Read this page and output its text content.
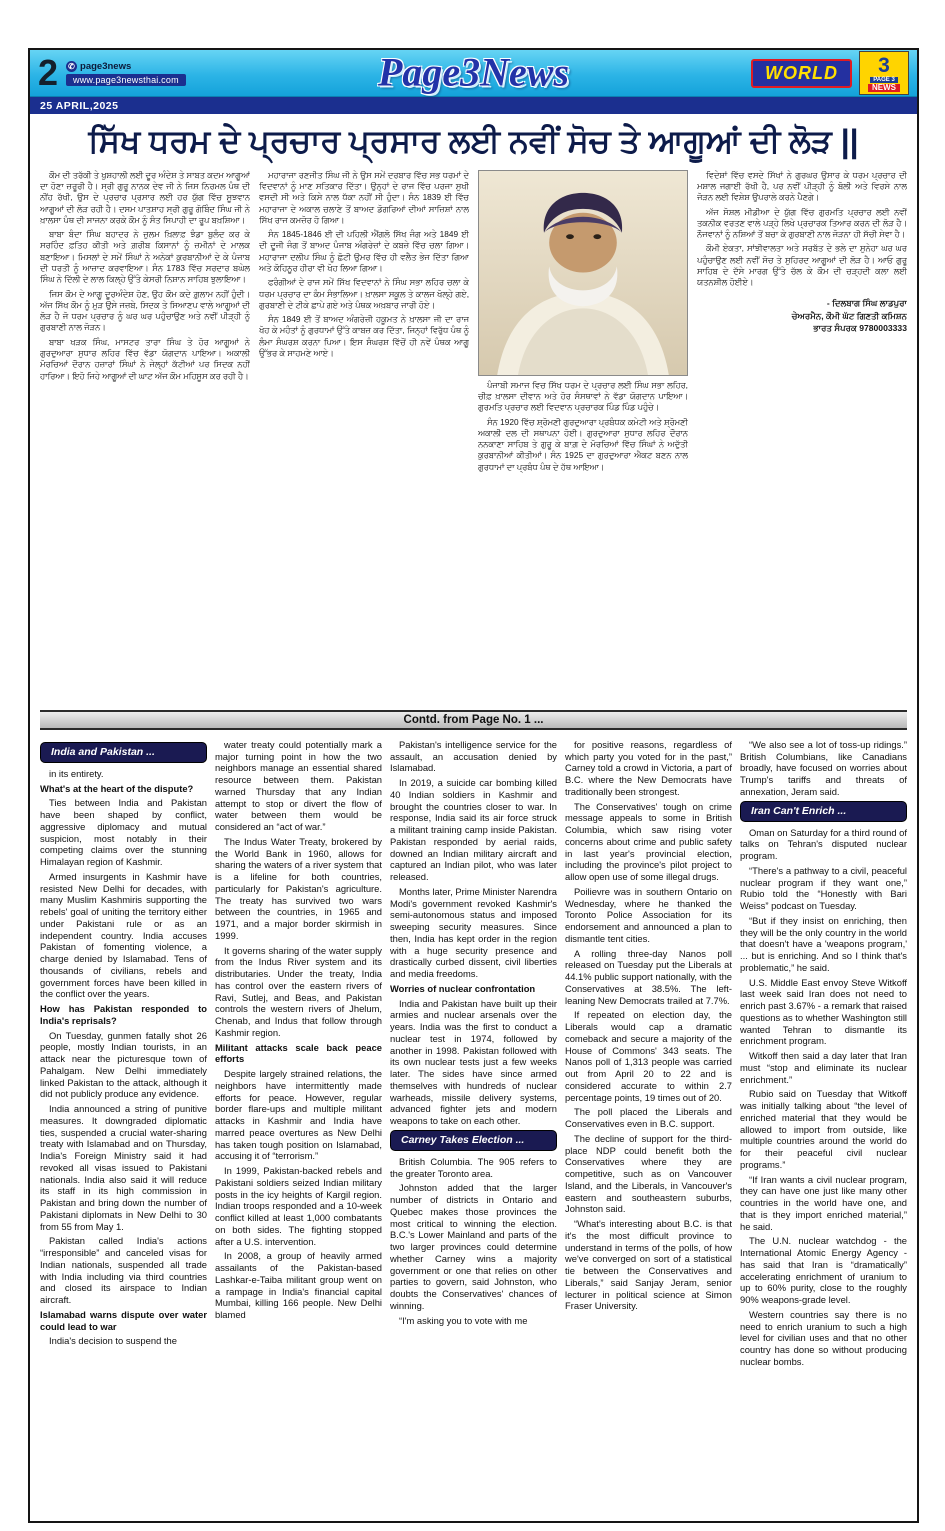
2 ✆ page3news
www.page3newsthai.com	Page3News	WORLD	3
PAGE 3
NEWS
25 APRIL,2025
ਸਿੱਖ ਧਰਮ ਦੇ ਪ੍ਰਚਾਰ ਪ੍ਰਸਾਰ ਲਈ ਨਵੀਂ ਸੋਚ ਤੇ ਆਗੂਆਂ ਦੀ ਲੋੜ ||

ਕੌਮ ਦੀ ਤਰੱਕੀ ਤੇ ਖੁਸ਼ਹਾਲੀ ਲਈ ਦੂਰ ਅੰਦੇਸ਼ ਤੇ ਸਾਬਤ ਕਦਮ ਆਗੂਆਂ ਦਾ ਹੋਣਾ ਜ਼ਰੂਰੀ ਹੈ। ਸ੍ਰੀ ਗੁਰੂ ਨਾਨਕ ਦੇਵ ਜੀ ਨੇ ਜਿਸ ਨਿਰਮਲ ਪੰਥ ਦੀ ਨੀਂਹ ਰੱਖੀ, ਉਸ ਦੇ ਪ੍ਰਚਾਰ ਪ੍ਰਸਾਰ ਲਈ ਹਰ ਯੁੱਗ ਵਿੱਚ ਸੂਝਵਾਨ ਆਗੂਆਂ ਦੀ ਲੋੜ ਰਹੀ ਹੈ। ਦਸਮ ਪਾਤਸ਼ਾਹ ਸ੍ਰੀ ਗੁਰੂ ਗੋਬਿੰਦ ਸਿੰਘ ਜੀ ਨੇ ਖ਼ਾਲਸਾ ਪੰਥ ਦੀ ਸਾਜਨਾ ਕਰਕੇ ਕੌਮ ਨੂੰ ਸੰਤ ਸਿਪਾਹੀ ਦਾ ਰੂਪ ਬਖ਼ਸ਼ਿਆ।

ਬਾਬਾ ਬੰਦਾ ਸਿੰਘ ਬਹਾਦਰ ਨੇ ਜ਼ੁਲਮ ਖ਼ਿਲਾਫ਼ ਝੰਡਾ ਬੁਲੰਦ ਕਰ ਕੇ ਸਰਹਿੰਦ ਫ਼ਤਿਹ ਕੀਤੀ ਅਤੇ ਗ਼ਰੀਬ ਕਿਸਾਨਾਂ ਨੂੰ ਜ਼ਮੀਨਾਂ ਦੇ ਮਾਲਕ ਬਣਾਇਆ। ਮਿਸਲਾਂ ਦੇ ਸਮੇਂ ਸਿੰਘਾਂ ਨੇ ਅਨੇਕਾਂ ਕੁਰਬਾਨੀਆਂ ਦੇ ਕੇ ਪੰਜਾਬ ਦੀ ਧਰਤੀ ਨੂੰ ਆਜ਼ਾਦ ਕਰਵਾਇਆ। ਸੰਨ 1783 ਵਿੱਚ ਸਰਦਾਰ ਬਘੇਲ ਸਿੰਘ ਨੇ ਦਿੱਲੀ ਦੇ ਲਾਲ ਕਿਲ੍ਹੇ ਉੱਤੇ ਕੇਸਰੀ ਨਿਸ਼ਾਨ ਸਾਹਿਬ ਝੁਲਾਇਆ।

ਜਿਸ ਕੌਮ ਦੇ ਆਗੂ ਦੂਰਅੰਦੇਸ਼ ਹੋਣ, ਉਹ ਕੌਮ ਕਦੇ ਗ਼ੁਲਾਮ ਨਹੀਂ ਹੁੰਦੀ। ਅੱਜ ਸਿੱਖ ਕੌਮ ਨੂੰ ਮੁੜ ਉਸੇ ਜਜ਼ਬੇ, ਸਿਦਕ ਤੇ ਸਿਆਣਪ ਵਾਲੇ ਆਗੂਆਂ ਦੀ ਲੋੜ ਹੈ ਜੋ ਧਰਮ ਪ੍ਰਚਾਰ ਨੂੰ ਘਰ ਘਰ ਪਹੁੰਚਾਉਣ ਅਤੇ ਨਵੀਂ ਪੀੜ੍ਹੀ ਨੂੰ ਗੁਰਬਾਣੀ ਨਾਲ ਜੋੜਨ।

ਬਾਬਾ ਖੜਕ ਸਿੰਘ, ਮਾਸਟਰ ਤਾਰਾ ਸਿੰਘ ਤੇ ਹੋਰ ਆਗੂਆਂ ਨੇ ਗੁਰਦੁਆਰਾ ਸੁਧਾਰ ਲਹਿਰ ਵਿੱਚ ਵੱਡਾ ਯੋਗਦਾਨ ਪਾਇਆ। ਅਕਾਲੀ ਮੋਰਚਿਆਂ ਦੌਰਾਨ ਹਜ਼ਾਰਾਂ ਸਿੰਘਾਂ ਨੇ ਜੇਲ੍ਹਾਂ ਕੱਟੀਆਂ ਪਰ ਸਿਦਕ ਨਹੀਂ ਹਾਰਿਆ। ਇਹੋ ਜਿਹੇ ਆਗੂਆਂ ਦੀ ਘਾਟ ਅੱਜ ਕੌਮ ਮਹਿਸੂਸ ਕਰ ਰਹੀ ਹੈ।

ਮਹਾਰਾਜਾ ਰਣਜੀਤ ਸਿੰਘ ਜੀ ਨੇ ਉਸ ਸਮੇਂ ਦਰਬਾਰ ਵਿੱਚ ਸਭ ਧਰਮਾਂ ਦੇ ਵਿਦਵਾਨਾਂ ਨੂੰ ਮਾਣ ਸਤਿਕਾਰ ਦਿੱਤਾ। ਉਨ੍ਹਾਂ ਦੇ ਰਾਜ ਵਿੱਚ ਪਰਜਾ ਸੁਖੀ ਵਸਦੀ ਸੀ ਅਤੇ ਕਿਸੇ ਨਾਲ ਧੱਕਾ ਨਹੀਂ ਸੀ ਹੁੰਦਾ। ਸੰਨ 1839 ਈ ਵਿੱਚ ਮਹਾਰਾਜਾ ਦੇ ਅਕਾਲ ਚਲਾਣੇ ਤੋਂ ਬਾਅਦ ਡੋਗਰਿਆਂ ਦੀਆਂ ਸਾਜ਼ਿਸ਼ਾਂ ਨਾਲ ਸਿੱਖ ਰਾਜ ਕਮਜ਼ੋਰ ਹੋ ਗਿਆ।

ਸੰਨ 1845-1846 ਈ ਦੀ ਪਹਿਲੀ ਐਂਗਲੋ ਸਿੱਖ ਜੰਗ ਅਤੇ 1849 ਈ ਦੀ ਦੂਜੀ ਜੰਗ ਤੋਂ ਬਾਅਦ ਪੰਜਾਬ ਅੰਗਰੇਜ਼ਾਂ ਦੇ ਕਬਜ਼ੇ ਵਿੱਚ ਚਲਾ ਗਿਆ। ਮਹਾਰਾਜਾ ਦਲੀਪ ਸਿੰਘ ਨੂੰ ਛੋਟੀ ਉਮਰ ਵਿੱਚ ਹੀ ਵਲੈਤ ਭੇਜ ਦਿੱਤਾ ਗਿਆ ਅਤੇ ਕੋਹਿਨੂਰ ਹੀਰਾ ਵੀ ਖੋਹ ਲਿਆ ਗਿਆ।

ਫਰੰਗੀਆਂ ਦੇ ਰਾਜ ਸਮੇਂ ਸਿੱਖ ਵਿਦਵਾਨਾਂ ਨੇ ਸਿੰਘ ਸਭਾ ਲਹਿਰ ਚਲਾ ਕੇ ਧਰਮ ਪ੍ਰਚਾਰ ਦਾ ਕੰਮ ਸੰਭਾਲਿਆ। ਖ਼ਾਲਸਾ ਸਕੂਲ ਤੇ ਕਾਲਜ ਖੋਲ੍ਹੇ ਗਏ, ਗੁਰਬਾਣੀ ਦੇ ਟੀਕੇ ਛਾਪੇ ਗਏ ਅਤੇ ਪੰਥਕ ਅਖ਼ਬਾਰ ਜਾਰੀ ਹੋਏ।

ਸੰਨ 1849 ਈ ਤੋਂ ਬਾਅਦ ਅੰਗਰੇਜ਼ੀ ਹਕੂਮਤ ਨੇ ਖ਼ਾਲਸਾ ਜੀ ਦਾ ਰਾਜ ਖੋਹ ਕੇ ਮਹੰਤਾਂ ਨੂੰ ਗੁਰਧਾਮਾਂ ਉੱਤੇ ਕਾਬਜ਼ ਕਰ ਦਿੱਤਾ, ਜਿਨ੍ਹਾਂ ਵਿਰੁੱਧ ਪੰਥ ਨੂੰ ਲੰਮਾ ਸੰਘਰਸ਼ ਕਰਨਾ ਪਿਆ। ਇਸ ਸੰਘਰਸ਼ ਵਿੱਚੋਂ ਹੀ ਨਵੇਂ ਪੰਥਕ ਆਗੂ ਉੱਭਰ ਕੇ ਸਾਹਮਣੇ ਆਏ।

ਪੰਜਾਬੀ ਸਮਾਜ ਵਿਚ ਸਿੱਖ ਧਰਮ ਦੇ ਪ੍ਰਚਾਰ ਲਈ ਸਿੰਘ ਸਭਾ ਲਹਿਰ, ਚੀਫ਼ ਖ਼ਾਲਸਾ ਦੀਵਾਨ ਅਤੇ ਹੋਰ ਸੰਸਥਾਵਾਂ ਨੇ ਵੱਡਾ ਯੋਗਦਾਨ ਪਾਇਆ। ਗੁਰਮਤਿ ਪ੍ਰਚਾਰ ਲਈ ਵਿਦਵਾਨ ਪ੍ਰਚਾਰਕ ਪਿੰਡ ਪਿੰਡ ਪਹੁੰਚੇ।

ਸੰਨ 1920 ਵਿੱਚ ਸ਼੍ਰੋਮਣੀ ਗੁਰਦੁਆਰਾ ਪ੍ਰਬੰਧਕ ਕਮੇਟੀ ਅਤੇ ਸ਼੍ਰੋਮਣੀ ਅਕਾਲੀ ਦਲ ਦੀ ਸਥਾਪਨਾ ਹੋਈ। ਗੁਰਦੁਆਰਾ ਸੁਧਾਰ ਲਹਿਰ ਦੌਰਾਨ ਨਨਕਾਣਾ ਸਾਹਿਬ ਤੇ ਗੁਰੂ ਕੇ ਬਾਗ਼ ਦੇ ਮੋਰਚਿਆਂ ਵਿੱਚ ਸਿੰਘਾਂ ਨੇ ਅਦੁੱਤੀ ਕੁਰਬਾਨੀਆਂ ਕੀਤੀਆਂ। ਸੰਨ 1925 ਦਾ ਗੁਰਦੁਆਰਾ ਐਕਟ ਬਣਨ ਨਾਲ ਗੁਰਧਾਮਾਂ ਦਾ ਪ੍ਰਬੰਧ ਪੰਥ ਦੇ ਹੱਥ ਆਇਆ।

ਵਿਦੇਸ਼ਾਂ ਵਿੱਚ ਵਸਦੇ ਸਿੱਖਾਂ ਨੇ ਗੁਰਘਰ ਉਸਾਰ ਕੇ ਧਰਮ ਪ੍ਰਚਾਰ ਦੀ ਮਸ਼ਾਲ ਜਗਾਈ ਰੱਖੀ ਹੈ, ਪਰ ਨਵੀਂ ਪੀੜ੍ਹੀ ਨੂੰ ਬੋਲੀ ਅਤੇ ਵਿਰਸੇ ਨਾਲ ਜੋੜਨ ਲਈ ਵਿਸ਼ੇਸ਼ ਉਪਰਾਲੇ ਕਰਨੇ ਪੈਣਗੇ।

ਅੱਜ ਸੋਸ਼ਲ ਮੀਡੀਆ ਦੇ ਯੁੱਗ ਵਿੱਚ ਗੁਰਮਤਿ ਪ੍ਰਚਾਰ ਲਈ ਨਵੀਂ ਤਕਨੀਕ ਵਰਤਣ ਵਾਲੇ ਪੜ੍ਹੇ ਲਿਖੇ ਪ੍ਰਚਾਰਕ ਤਿਆਰ ਕਰਨ ਦੀ ਲੋੜ ਹੈ। ਨੌਜਵਾਨਾਂ ਨੂੰ ਨਸ਼ਿਆਂ ਤੋਂ ਬਚਾ ਕੇ ਗੁਰਬਾਣੀ ਨਾਲ ਜੋੜਨਾ ਹੀ ਸੱਚੀ ਸੇਵਾ ਹੈ।

ਕੌਮੀ ਏਕਤਾ, ਸਾਂਝੀਵਾਲਤਾ ਅਤੇ ਸਰਬੱਤ ਦੇ ਭਲੇ ਦਾ ਸੁਨੇਹਾ ਘਰ ਘਰ ਪਹੁੰਚਾਉਣ ਲਈ ਨਵੀਂ ਸੋਚ ਤੇ ਸੁਹਿਰਦ ਆਗੂਆਂ ਦੀ ਲੋੜ ਹੈ। ਆਓ ਗੁਰੂ ਸਾਹਿਬ ਦੇ ਦੱਸੇ ਮਾਰਗ ਉੱਤੇ ਚੱਲ ਕੇ ਕੌਮ ਦੀ ਚੜ੍ਹਦੀ ਕਲਾ ਲਈ ਯਤਨਸ਼ੀਲ ਹੋਈਏ।

- ਦਿਲਬਾਗ ਸਿੰਘ ਲਾਡਪੁਰਾ
ਚੇਅਰਮੈਨ, ਕੌਮੀ ਘੱਟ ਗਿਣਤੀ ਕਮਿਸ਼ਨ
ਭਾਰਤ ਸੰਪਰਕ 9780003333
Contd. from Page No. 1 ...
India and Pakistan ...

in its entirety.

What's at the heart of the dispute?

Ties between India and Pakistan have been shaped by conflict, aggressive diplomacy and mutual suspicion, most notably in their competing claims over the stunning Himalayan region of Kashmir.

Armed insurgents in Kashmir have resisted New Delhi for decades, with many Muslim Kashmiris supporting the rebels' goal of uniting the territory either under Pakistani rule or as an independent country. India accuses Pakistan of fomenting violence, a charge denied by Islamabad. Tens of thousands of civilians, rebels and government forces have been killed in the conflict over the years.

How has Pakistan responded to India's reprisals?

On Tuesday, gunmen fatally shot 26 people, mostly Indian tourists, in an attack near the picturesque town of Pahalgam. New Delhi immediately linked Pakistan to the attack, although it did not publicly produce any evidence.

India announced a string of punitive measures. It downgraded diplomatic ties, suspended a crucial water-sharing treaty with Islamabad and on Thursday, India's Foreign Ministry said it had revoked all visas issued to Pakistani nationals. India also said it will reduce its staff in its high commission in Pakistan and bring down the number of Pakistani diplomats in New Delhi to 30 from 55 from May 1.

Pakistan called India's actions “irresponsible” and canceled visas for Indian nationals, suspended all trade with India including via third countries and closed its airspace to Indian aircraft.

Islamabad warns dispute over water could lead to war

India's decision to suspend the

water treaty could potentially mark a major turning point in how the two neighbors manage an essential shared resource between them. Pakistan warned Thursday that any Indian attempt to stop or divert the flow of water between them would be considered an “act of war.”

The Indus Water Treaty, brokered by the World Bank in 1960, allows for sharing the waters of a river system that is a lifeline for both countries, particularly for Pakistan's agriculture. The treaty has survived two wars between the countries, in 1965 and 1971, and a major border skirmish in 1999.

It governs sharing of the water supply from the Indus River system and its distributaries. Under the treaty, India has control over the eastern rivers of Ravi, Sutlej, and Beas, and Pakistan controls the western rivers of Jhelum, Chenab, and Indus that follow through Kashmir region.

Militant attacks scale back peace efforts

Despite largely strained relations, the neighbors have intermittently made efforts for peace. However, regular border flare-ups and multiple militant attacks in Kashmir and India have marred peace overtures as New Delhi has taken tough position on Islamabad, accusing it of “terrorism.”

In 1999, Pakistan-backed rebels and Pakistani soldiers seized Indian military posts in the icy heights of Kargil region. Indian troops responded and a 10-week conflict killed at least 1,000 combatants on both sides. The fighting stopped after a U.S. intervention.

In 2008, a group of heavily armed assailants of the Pakistan-based Lashkar-e-Taiba militant group went on a rampage in India's financial capital Mumbai, killing 166 people. New Delhi blamed

Pakistan's intelligence service for the assault, an accusation denied by Islamabad.

In 2019, a suicide car bombing killed 40 Indian soldiers in Kashmir and brought the countries closer to war. In response, India said its air force struck a militant training camp inside Pakistan. Pakistan responded by aerial raids, downed an Indian military aircraft and captured an Indian pilot, who was later released.

Months later, Prime Minister Narendra Modi's government revoked Kashmir's semi-autonomous status and imposed sweeping security measures. Since then, India has kept order in the region with a huge security presence and drastically curbed dissent, civil liberties and media freedoms.

Worries of nuclear confrontation

India and Pakistan have built up their armies and nuclear arsenals over the years. India was the first to conduct a nuclear test in 1974, followed by another in 1998. Pakistan followed with its own nuclear tests just a few weeks later. The sides have since armed themselves with hundreds of nuclear warheads, missile delivery systems, advanced fighter jets and modern weapons to take on each other.

Carney Takes Election ...

British Columbia. The 905 refers to the greater Toronto area.

Johnston added that the larger number of districts in Ontario and Quebec makes those provinces the most critical to winning the election. B.C.'s Lower Mainland and parts of the two larger provinces could determine whether Carney wins a majority government or one that relies on other parties to govern, said Johnston, who doubts the Conservatives' chances of winning.

“I'm asking you to vote with me

for positive reasons, regardless of which party you voted for in the past,” Carney told a crowd in Victoria, a part of B.C. where the New Democrats have traditionally been strongest.

The Conservatives' tough on crime message appeals to some in British Columbia, which saw rising voter concerns about crime and public safety in last year's provincial election, including the province's pilot project to allow open use of some illegal drugs.

Poilievre was in southern Ontario on Wednesday, where he thanked the Toronto Police Association for its endorsement and announced a plan to dismantle tent cities.

A rolling three-day Nanos poll released on Tuesday put the Liberals at 44.1% public support nationally, with the Conservatives at 38.5%. The left-leaning New Democrats trailed at 7.7%.

If repeated on election day, the Liberals would cap a dramatic comeback and secure a majority of the House of Commons' 343 seats. The Nanos poll of 1,313 people was carried out from April 20 to 22 and is considered accurate to within 2.7 percentage points, 19 times out of 20.

The poll placed the Liberals and Conservatives even in B.C. support.

The decline of support for the third-place NDP could benefit both the Conservatives where they are competitive, such as on Vancouver Island, and the Liberals, in Vancouver's eastern and southeastern suburbs, Johnston said.

“What's interesting about B.C. is that it's the most difficult province to understand in terms of the polls, of how we've converged on sort of a statistical tie between the Conservatives and Liberals,” said Sanjay Jeram, senior lecturer in political science at Simon Fraser University.

“We also see a lot of toss-up ridings.” British Columbians, like Canadians broadly, have focused on worries about Trump's tariffs and threats of annexation, Jeram said.

Iran Can't Enrich ...

Oman on Saturday for a third round of talks on Tehran's disputed nuclear program.

“There's a pathway to a civil, peaceful nuclear program if they want one,” Rubio told the “Honestly with Bari Weiss” podcast on Tuesday.

“But if they insist on enriching, then they will be the only country in the world that doesn't have a 'weapons program,' ... but is enriching. And so I think that's problematic,” he said.

U.S. Middle East envoy Steve Witkoff last week said Iran does not need to enrich past 3.67% - a remark that raised questions as to whether Washington still wanted Tehran to dismantle its enrichment program.

Witkoff then said a day later that Iran must “stop and eliminate its nuclear enrichment.”

Rubio said on Tuesday that Witkoff was initially talking about “the level of enriched material that they would be allowed to import from outside, like multiple countries around the world do for their peaceful civil nuclear programs.”

“If Iran wants a civil nuclear program, they can have one just like many other countries in the world have one, and that is they import enriched material,” he said.

The U.N. nuclear watchdog - the International Atomic Energy Agency - has said that Iran is “dramatically” accelerating enrichment of uranium to up to 60% purity, close to the roughly 90% weapons-grade level.

Western countries say there is no need to enrich uranium to such a high level for civilian uses and that no other country has done so without producing nuclear bombs.
